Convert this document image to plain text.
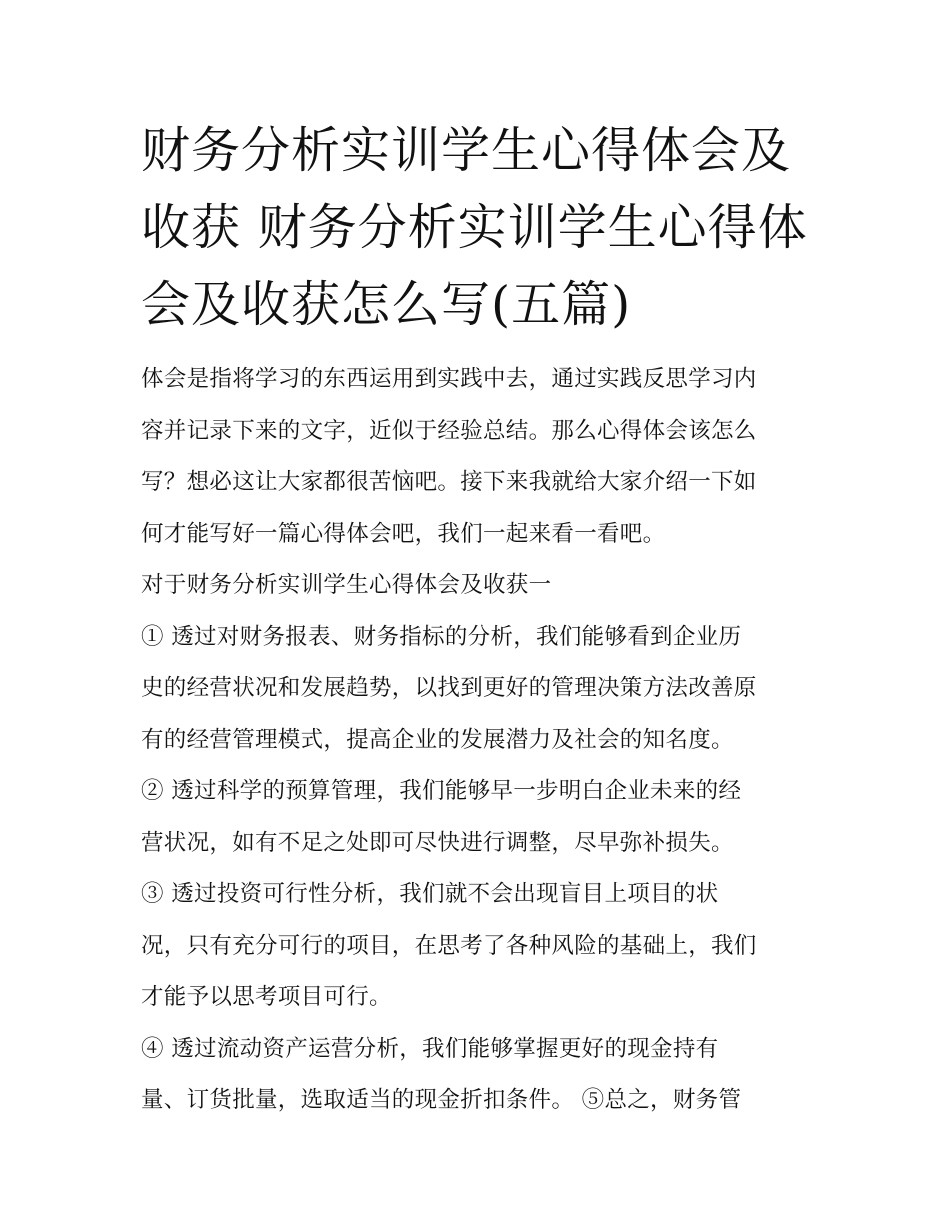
财务分析实训学生心得体会及
收获 财务分析实训学生心得体
会及收获怎么写(五篇)
体会是指将学习的东西运用到实践中去，通过实践反思学习内
容并记录下来的文字，近似于经验总结。那么心得体会该怎么
写？想必这让大家都很苦恼吧。接下来我就给大家介绍一下如
何才能写好一篇心得体会吧，我们一起来看一看吧。
对于财务分析实训学生心得体会及收获一
① 透过对财务报表、财务指标的分析，我们能够看到企业历
史的经营状况和发展趋势，以找到更好的管理决策方法改善原
有的经营管理模式，提高企业的发展潜力及社会的知名度。
② 透过科学的预算管理，我们能够早一步明白企业未来的经
营状况，如有不足之处即可尽快进行调整，尽早弥补损失。
③ 透过投资可行性分析，我们就不会出现盲目上项目的状
况，只有充分可行的项目，在思考了各种风险的基础上，我们
才能予以思考项目可行。
④ 透过流动资产运营分析，我们能够掌握更好的现金持有
量、订货批量，选取适当的现金折扣条件。 ⑤总之，财务管
